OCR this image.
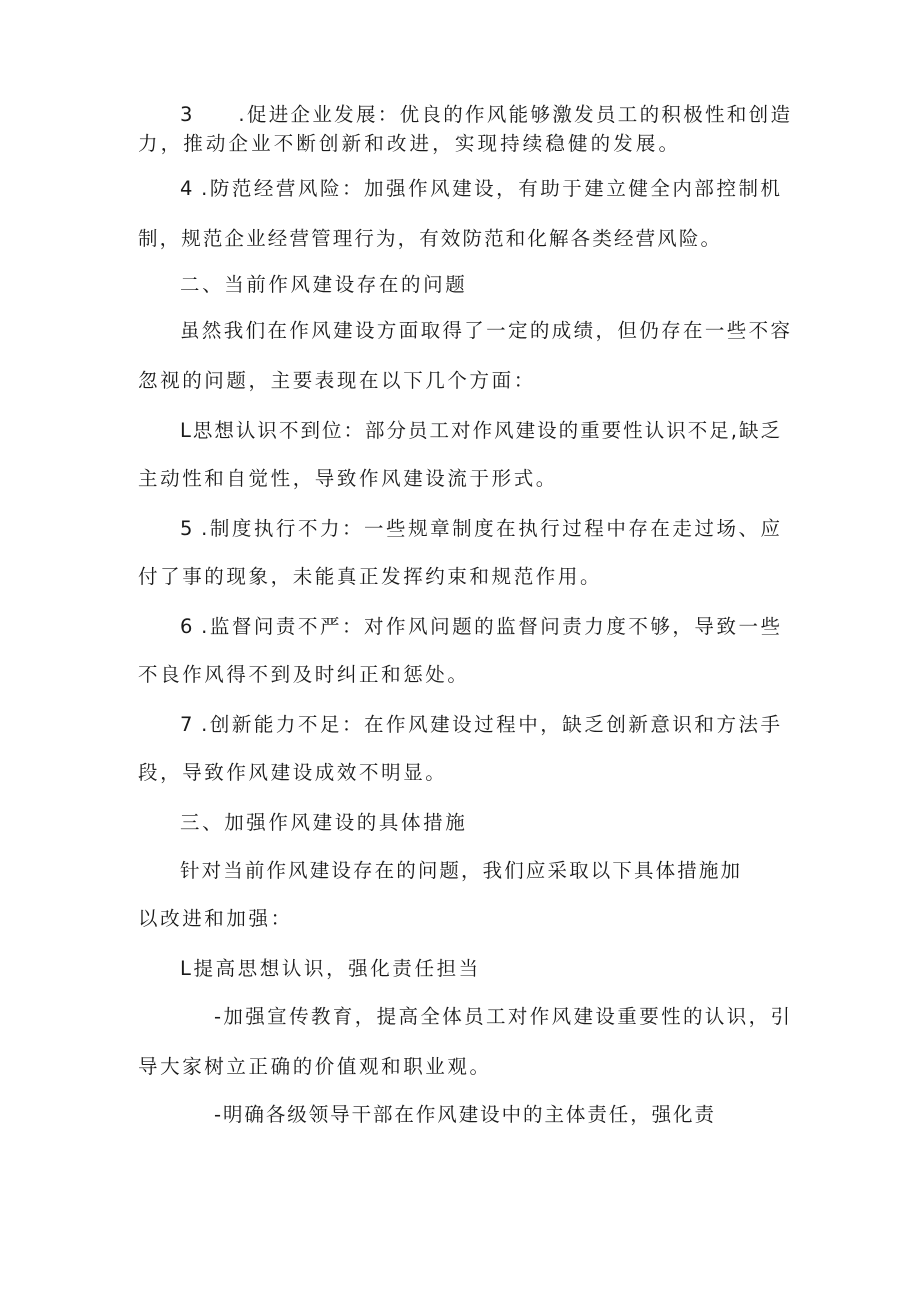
3　　.促进企业发展：优良的作风能够激发员工的积极性和创造
力，推动企业不断创新和改进，实现持续稳健的发展。
4 .防范经营风险：加强作风建设，有助于建立健全内部控制机
制，规范企业经营管理行为，有效防范和化解各类经营风险。
二、当前作风建设存在的问题
虽然我们在作风建设方面取得了一定的成绩，但仍存在一些不容
忽视的问题，主要表现在以下几个方面：
L思想认识不到位：部分员工对作风建设的重要性认识不足,缺乏
主动性和自觉性，导致作风建设流于形式。
5 .制度执行不力：一些规章制度在执行过程中存在走过场、应
付了事的现象，未能真正发挥约束和规范作用。
6 .监督问责不严：对作风问题的监督问责力度不够，导致一些
不良作风得不到及时纠正和惩处。
7 .创新能力不足：在作风建设过程中，缺乏创新意识和方法手
段，导致作风建设成效不明显。
三、加强作风建设的具体措施
针对当前作风建设存在的问题，我们应采取以下具体措施加
以改进和加强：
L提高思想认识，强化责任担当
-加强宣传教育，提高全体员工对作风建设重要性的认识，引
导大家树立正确的价值观和职业观。
-明确各级领导干部在作风建设中的主体责任，强化责
